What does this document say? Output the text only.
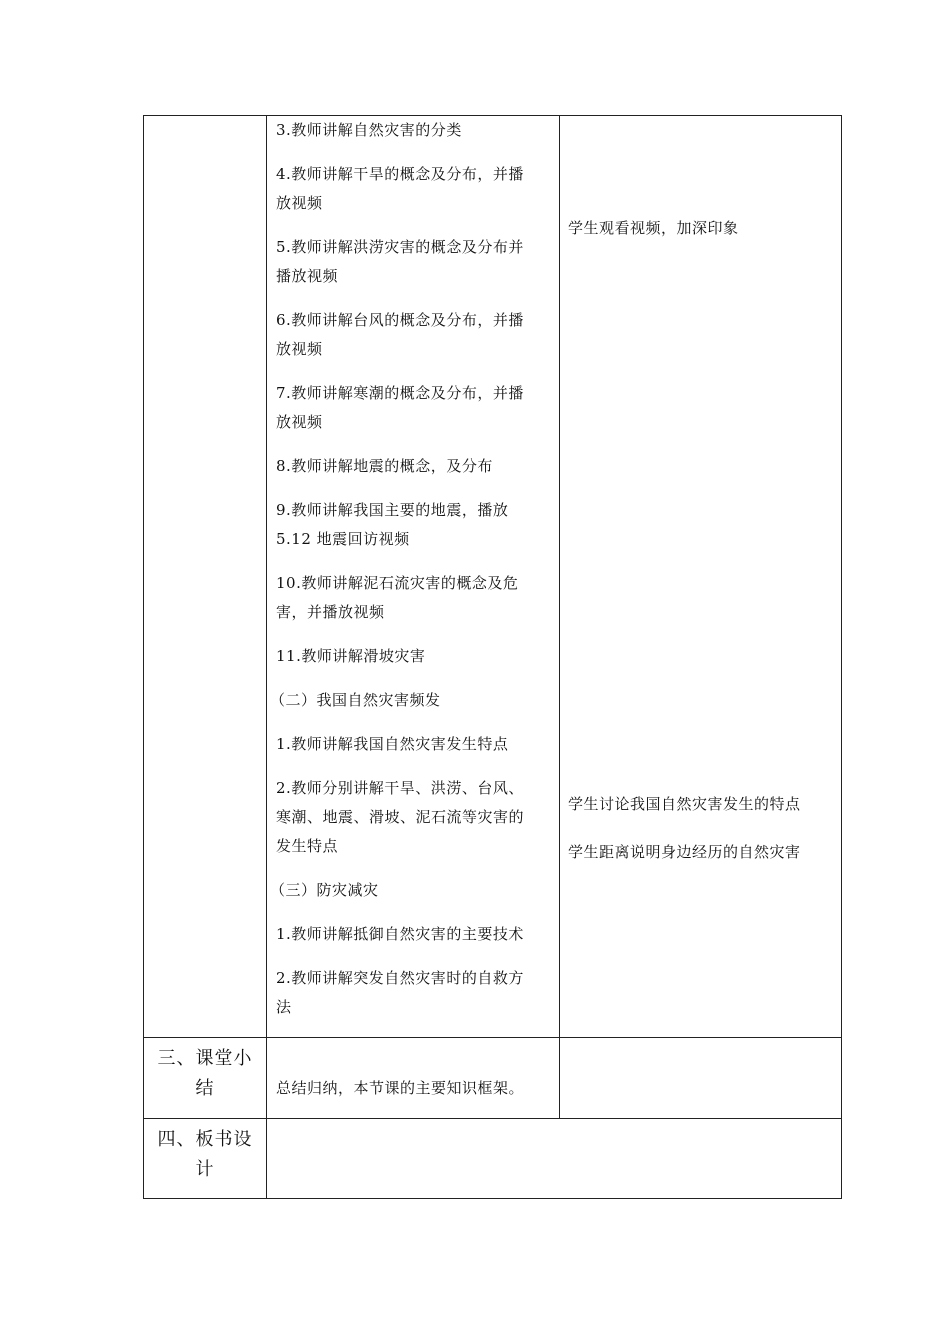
3.教师讲解自然灾害的分类
4.教师讲解干旱的概念及分布，并播
放视频
5.教师讲解洪涝灾害的概念及分布并
播放视频
6.教师讲解台风的概念及分布，并播
放视频
7.教师讲解寒潮的概念及分布，并播
放视频
8.教师讲解地震的概念，及分布
9.教师讲解我国主要的地震，播放
5.12 地震回访视频
10.教师讲解泥石流灾害的概念及危
害，并播放视频
11.教师讲解滑坡灾害
（二）我国自然灾害频发
1.教师讲解我国自然灾害发生特点
2.教师分别讲解干旱、洪涝、台风、
寒潮、地震、滑坡、泥石流等灾害的
发生特点
（三）防灾减灾
1.教师讲解抵御自然灾害的主要技术
2.教师讲解突发自然灾害时的自救方
法
学生观看视频，加深印象
学生讨论我国自然灾害发生的特点
学生距离说明身边经历的自然灾害
三、课堂小
结	总结归纳，本节课的主要知识框架。
四、板书设
计
